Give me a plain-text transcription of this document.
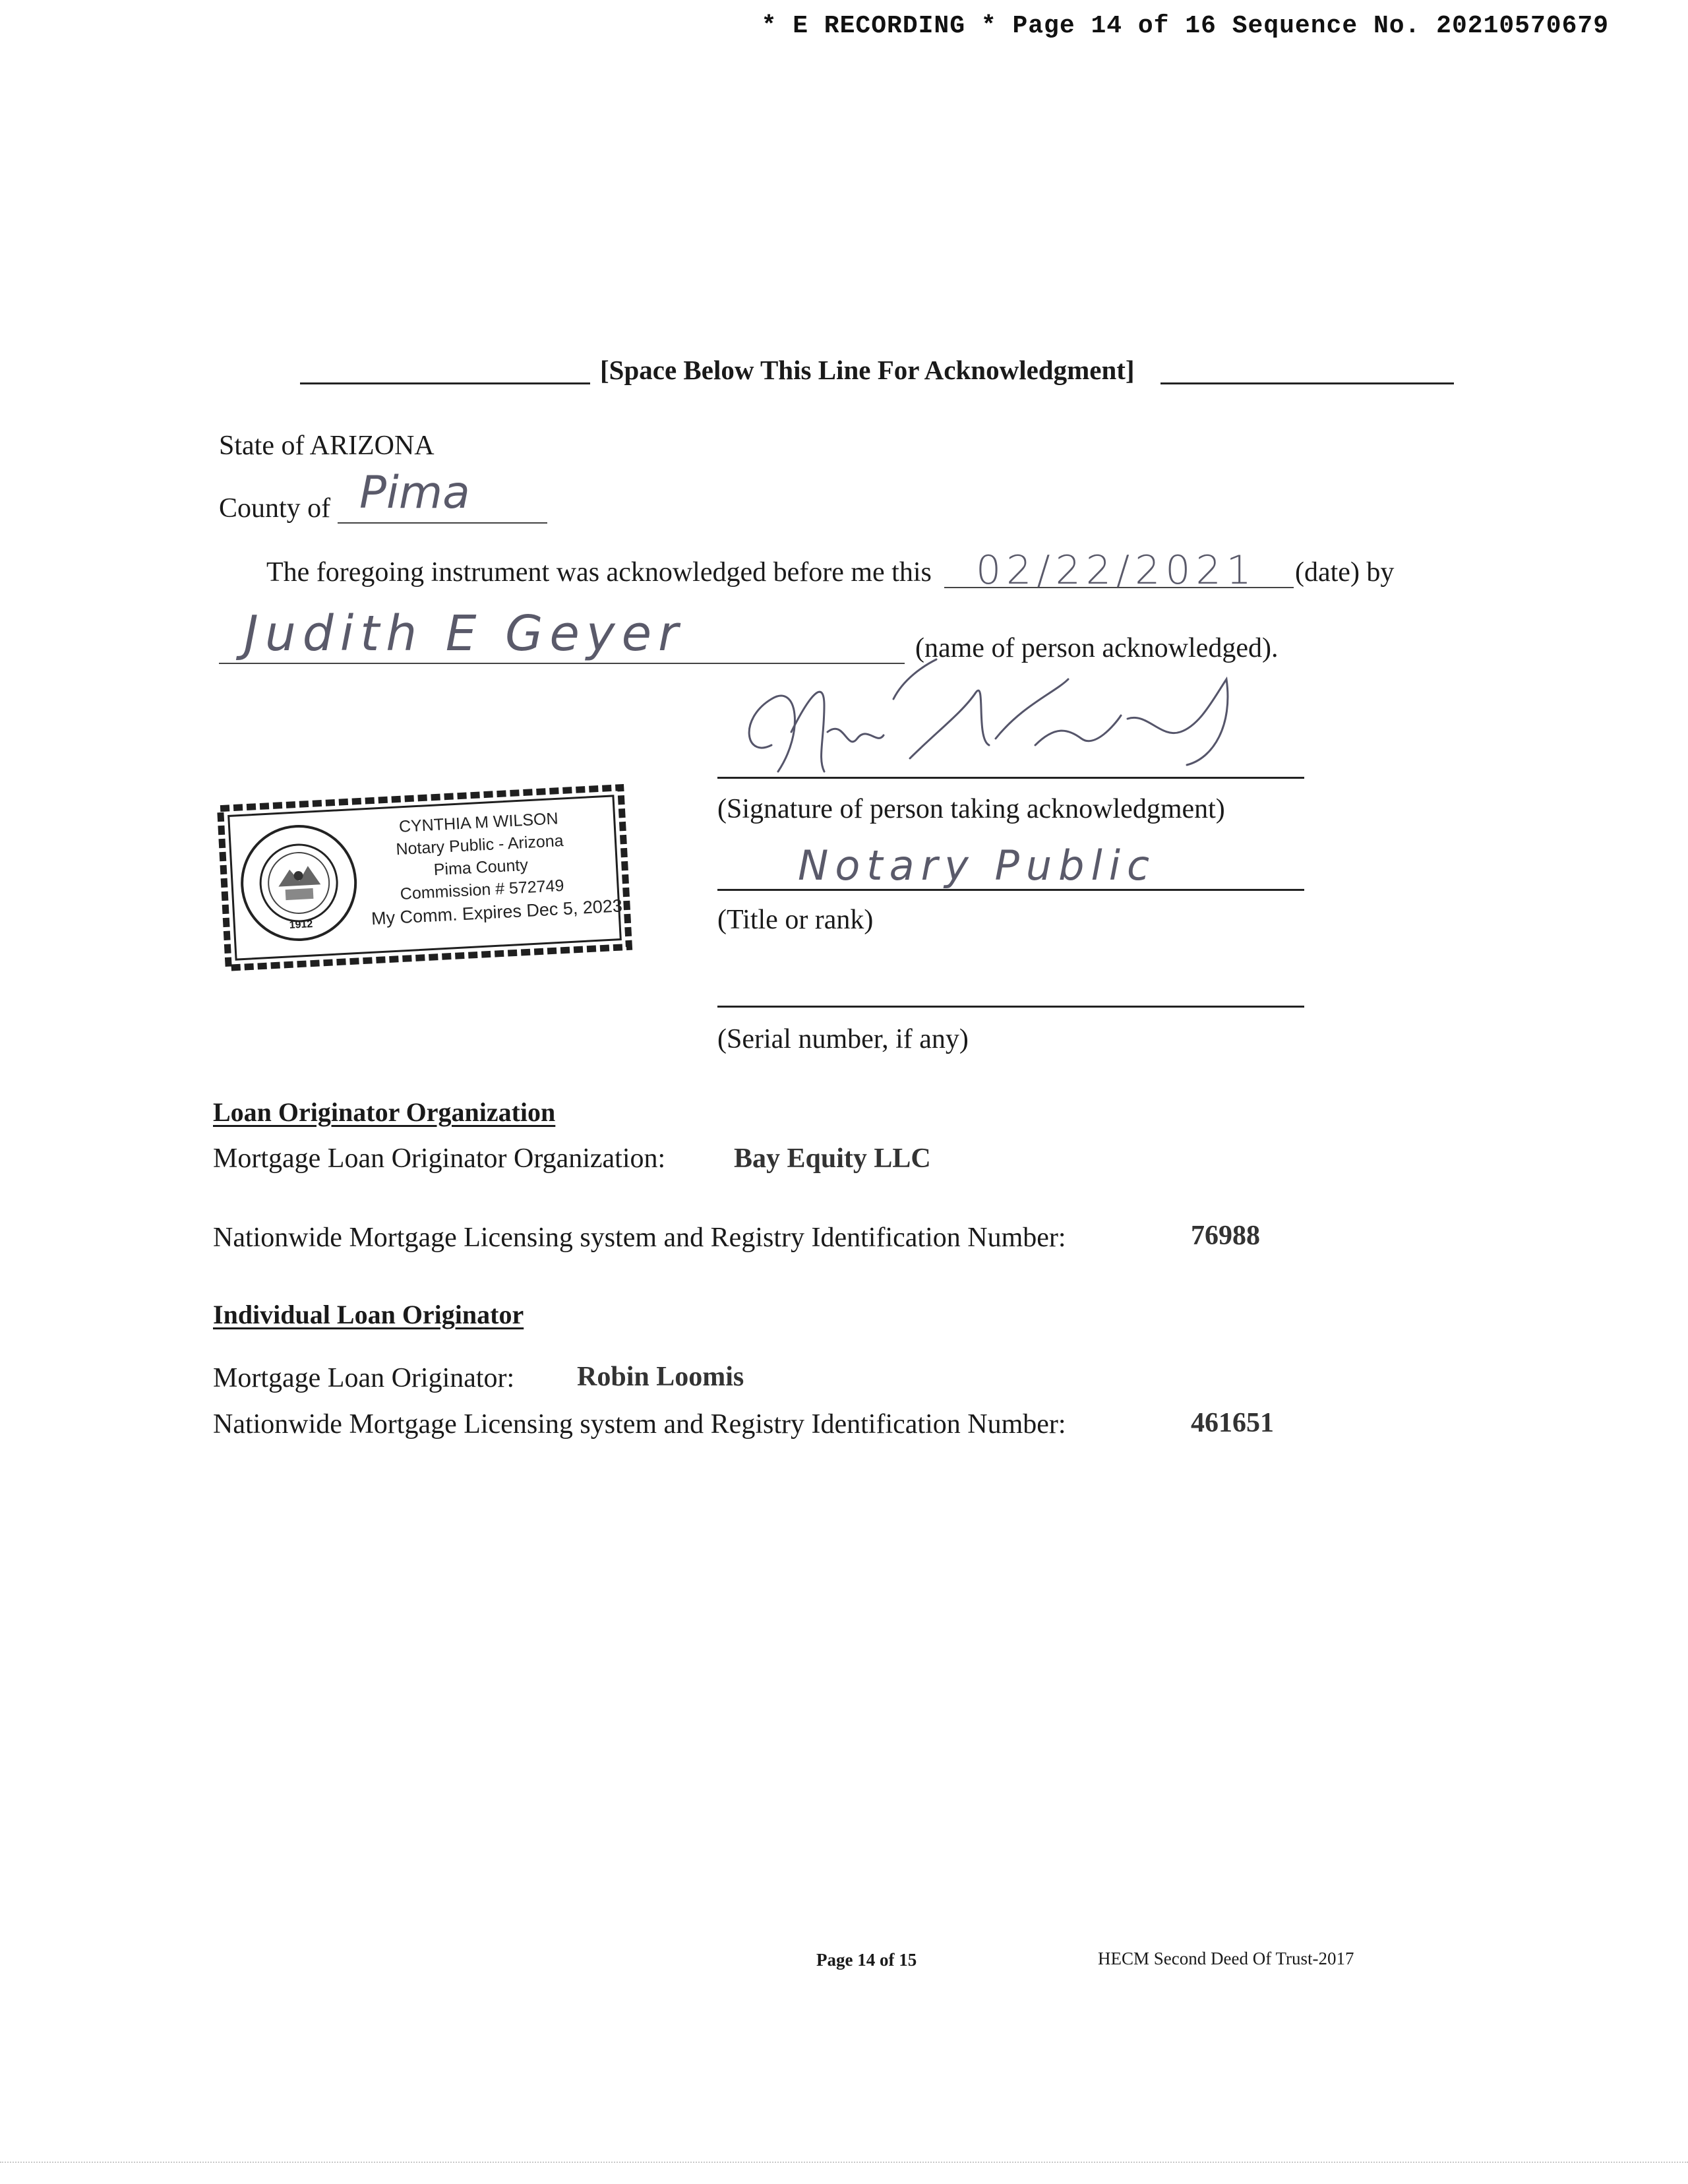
* E RECORDING * Page 14 of 16 Sequence No. 20210570679
[Space Below This Line For Acknowledgment]
State of ARIZONA
County of Pima
The foregoing instrument was acknowledged before me this 02/22/2021 (date) by
Judith E Geyer	(name of person acknowledged).
(Signature of person taking acknowledgment)
Notary Public
(Title or rank)
(Serial number, if any)
1912
CYNTHIA M WILSON
Notary Public - Arizona
Pima County
Commission # 572749
My Comm. Expires Dec 5, 2023
Loan Originator Organization
Mortgage Loan Originator Organization: Bay Equity LLC
Nationwide Mortgage Licensing system and Registry Identification Number:	76988
Individual Loan Originator
Mortgage Loan Originator: Robin Loomis
Nationwide Mortgage Licensing system and Registry Identification Number:	461651
Page 14 of 15	HECM Second Deed Of Trust-2017
